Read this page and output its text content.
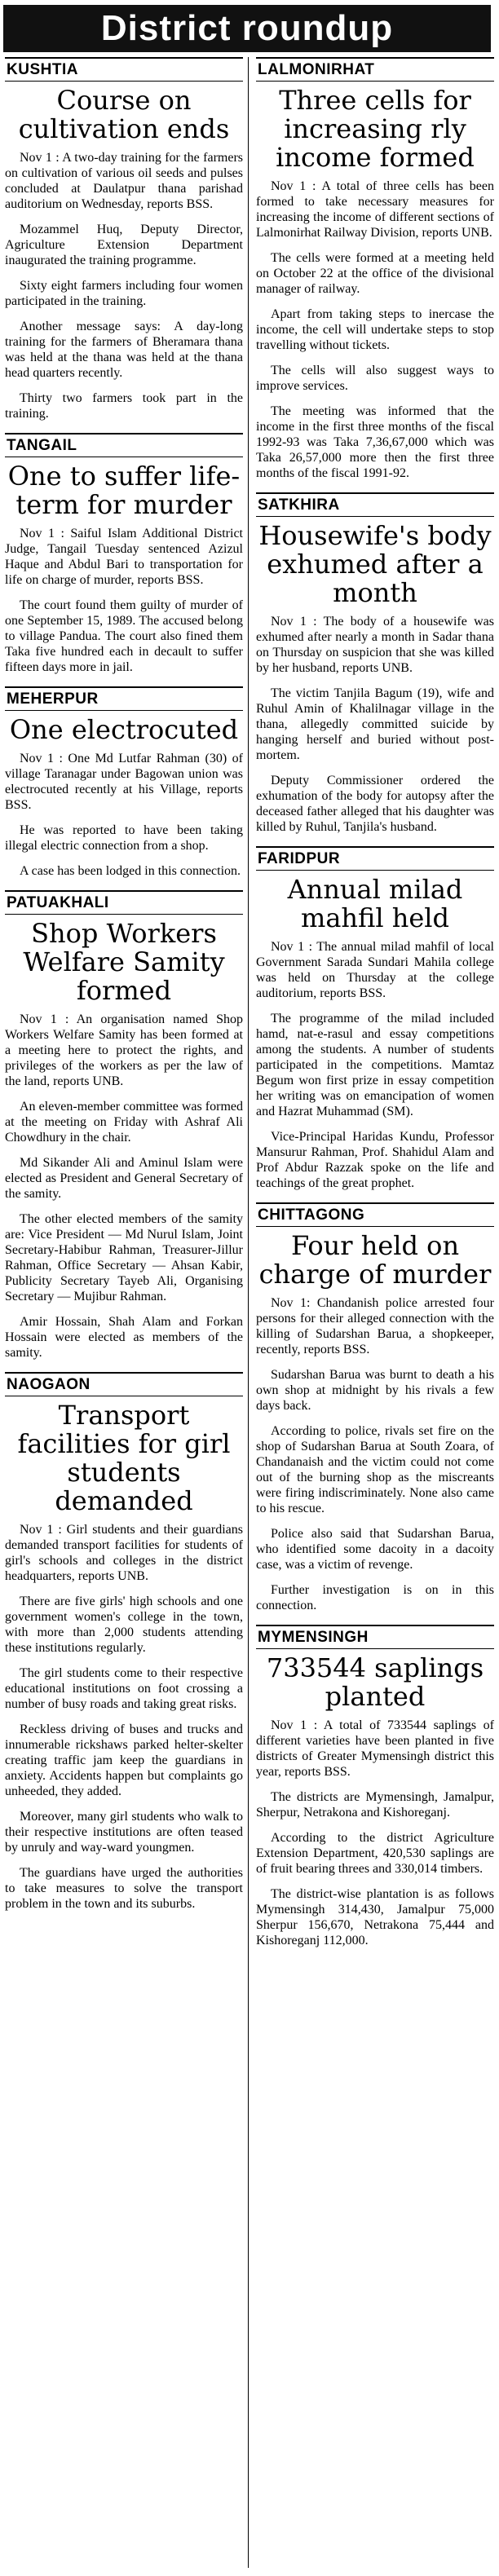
District roundup
KUSHTIA
Course on cultivation ends

Nov 1 : A two-day training for the farmers on cultivation of various oil seeds and pulses concluded at Daulatpur thana parishad auditorium on Wednesday, reports BSS.

Mozammel Huq, Deputy Director, Agriculture Extension Department inaugurated the training programme.

Sixty eight farmers including four women participated in the training.

Another message says: A day-long training for the farmers of Bheramara thana was held at the thana was held at the thana head quarters recently.

Thirty two farmers took part in the training.

TANGAIL
One to suffer life-term for murder

Nov 1 : Saiful Islam Additional District Judge, Tangail Tuesday sentenced Azizul Haque and Abdul Bari to transportation for life on charge of murder, reports BSS.

The court found them guilty of murder of one September 15, 1989. The accused belong to village Pandua. The court also fined them Taka five hundred each in decault to suffer fifteen days more in jail.

MEHERPUR
One electrocuted

Nov 1 : One Md Lutfar Rahman (30) of village Taranagar under Bagowan union was electrocuted recently at his Village, reports BSS.

He was reported to have been taking illegal electric connection from a shop.

A case has been lodged in this connection.

PATUAKHALI
Shop Workers Welfare Samity formed

Nov 1 : An organisation named Shop Workers Welfare Samity has been formed at a meeting here to protect the rights, and privileges of the workers as per the law of the land, reports UNB.

An eleven-member committee was formed at the meeting on Friday with Ashraf Ali Chowdhury in the chair.

Md Sikander Ali and Aminul Islam were elected as President and General Secretary of the samity.

The other elected members of the samity are: Vice President — Md Nurul Islam, Joint Secretary-Habibur Rahman, Treasurer-Jillur Rahman, Office Secretary — Ahsan Kabir, Publicity Secretary Tayeb Ali, Organising Secretary — Mujibur Rahman.

Amir Hossain, Shah Alam and Forkan Hossain were elected as members of the samity.

NAOGAON
Transport facilities for girl students demanded

Nov 1 : Girl students and their guardians demanded transport facilities for students of girl's schools and colleges in the district headquarters, reports UNB.

There are five girls' high schools and one government women's college in the town, with more than 2,000 students attending these institutions regularly.

The girl students come to their respective educational institutions on foot crossing a number of busy roads and taking great risks.

Reckless driving of buses and trucks and innumerable rickshaws parked helter-skelter creating traffic jam keep the guardians in anxiety. Accidents happen but complaints go unheeded, they added.

Moreover, many girl students who walk to their respective institutions are often teased by unruly and way-ward youngmen.

The guardians have urged the authorities to take measures to solve the transport problem in the town and its suburbs.

LALMONIRHAT
Three cells for increasing rly income formed

Nov 1 : A total of three cells has been formed to take necessary measures for increasing the income of different sections of Lalmonirhat Railway Division, reports UNB.

The cells were formed at a meeting held on October 22 at the office of the divisional manager of railway.

Apart from taking steps to inercase the income, the cell will undertake steps to stop travelling without tickets.

The cells will also suggest ways to improve services.

The meeting was informed that the income in the first three months of the fiscal 1992-93 was Taka 7,36,67,000 which was Taka 26,57,000 more then the first three months of the fiscal 1991-92.

SATKHIRA
Housewife's body exhumed after a month

Nov 1 : The body of a housewife was exhumed after nearly a month in Sadar thana on Thursday on suspicion that she was killed by her husband, reports UNB.

The victim Tanjila Bagum (19), wife and Ruhul Amin of Khalilnagar village in the thana, allegedly committed suicide by hanging herself and buried without post-mortem.

Deputy Commissioner ordered the exhumation of the body for autopsy after the deceased father alleged that his daughter was killed by Ruhul, Tanjila's husband.

FARIDPUR
Annual milad mahfil held

Nov 1 : The annual milad mahfil of local Government Sarada Sundari Mahila college was held on Thursday at the college auditorium, reports BSS.

The programme of the milad included hamd, nat-e-rasul and essay competitions among the students. A number of students participated in the competitions. Mamtaz Begum won first prize in essay competition her writing was on emancipation of women and Hazrat Muhammad (SM).

Vice-Principal Haridas Kundu, Professor Mansurur Rahman, Prof. Shahidul Alam and Prof Abdur Razzak spoke on the life and teachings of the great prophet.

CHITTAGONG
Four held on charge of murder

Nov 1: Chandanish police arrested four persons for their alleged connection with the killing of Sudarshan Barua, a shopkeeper, recently, reports BSS.

Sudarshan Barua was burnt to death a his own shop at midnight by his rivals a few days back.

According to police, rivals set fire on the shop of Sudarshan Barua at South Zoara, of Chandanaish and the victim could not come out of the burning shop as the miscreants were firing indiscriminately. None also came to his rescue.

Police also said that Sudarshan Barua, who identified some dacoity in a dacoity case, was a victim of revenge.

Further investigation is on in this connection.

MYMENSINGH
733544 saplings planted

Nov 1 : A total of 733544 saplings of different varieties have been planted in five districts of Greater Mymensingh district this year, reports BSS.

The districts are Mymensingh, Jamalpur, Sherpur, Netrakona and Kishoreganj.

According to the district Agriculture Extension Department, 420,530 saplings are of fruit bearing threes and 330,014 timbers.

The district-wise plantation is as follows Mymensingh 314,430, Jamalpur 75,000 Sherpur 156,670, Netrakona 75,444 and Kishoreganj 112,000.
